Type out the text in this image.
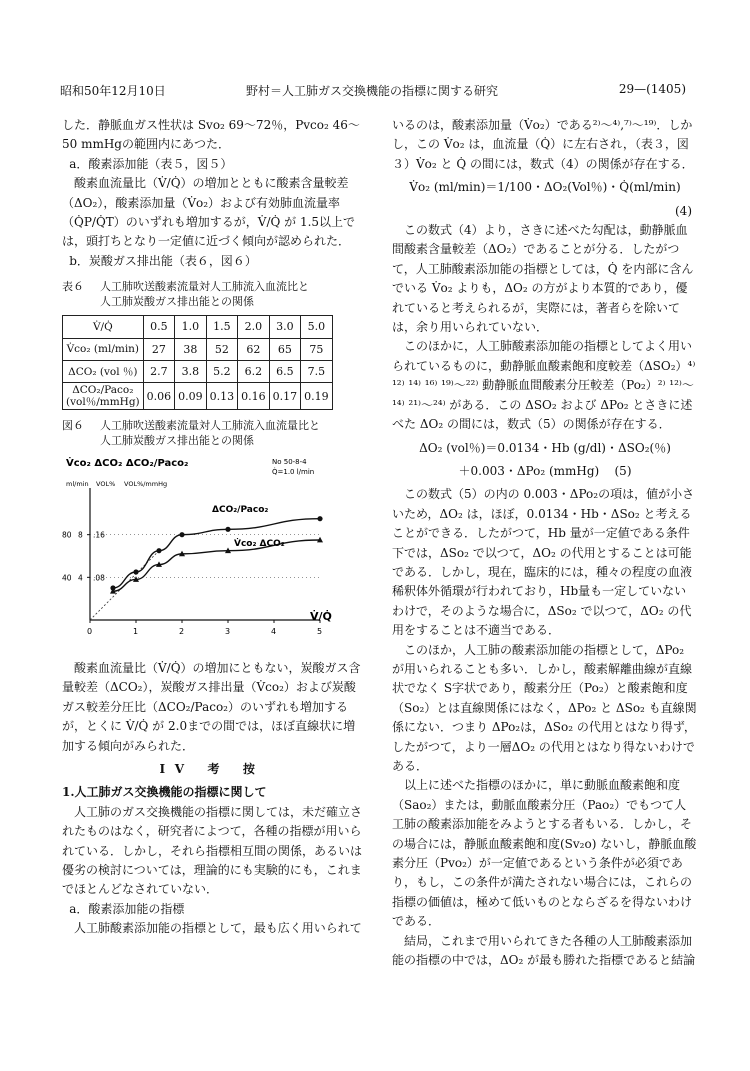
昭和50年12月10日	野村＝人工肺ガス交換機能の指標に関する研究	29—(1405)

した．静脈血ガス性状は Svo₂ 69〜72％，Pvco₂ 46〜50 mmHgの範囲内にあつた．

a．酸素添加能（表５，図５）

酸素血流量比（V̇/Q̇）の増加とともに酸素含量較差（ΔO₂），酸素添加量（V̇o₂）および有効肺血流量率（Q̇P/Q̇T）のいずれも増加するが，V̇/Q̇ が 1.5以上では，頭打ちとなり一定値に近づく傾向が認められた．

b．炭酸ガス排出能（表６，図６）

表６ 人工肺吹送酸素流量対人工肺流入血流比と
人工肺炭酸ガス排出能との関係
V̇/Q̇	0.5	1.0	1.5	2.0	3.0	5.0
V̇co₂ (ml/min)	27	38	52	62	65	75
ΔCO₂ (vol ％)	2.7	3.8	5.2	6.2	6.5	7.5
ΔCO₂/Paco₂ (vol％/mmHg)	0.06	0.09	0.13	0.16	0.17	0.19
図６ 人工肺吹送酸素流量対人工肺流入血流量比と
人工肺炭酸ガス排出能との関係
V̇co₂ ΔCO₂ ΔCO₂/Paco₂
ml/min VOL% VOL%/mmHg
No 50-8-4
Q̇=1.0 l/min
0	1	2	3	4	5
40 4 .08
80 8 .16
V̇/Q̇
ΔCO₂/Paco₂
V̇co₂ ΔCO₂

酸素血流量比（V̇/Q̇）の増加にともない，炭酸ガス含量較差（ΔCO₂），炭酸ガス排出量（V̇co₂）および炭酸ガス較差分圧比（ΔCO₂/Paco₂）のいずれも増加するが，とくに V̇/Q̇ が 2.0までの間では，ほぼ直線状に増加する傾向がみられた．

IV 考 按

1.人工肺ガス交換機能の指標に関して

人工肺のガス交換機能の指標に関しては，未だ確立されたものはなく，研究者によつて，各種の指標が用いられている．しかし，それら指標相互間の関係，あるいは優劣の検討については，理論的にも実験的にも，これまでほとんどなされていない．

a．酸素添加能の指標

人工肺酸素添加能の指標として，最も広く用いられて

いるのは，酸素添加量（V̇o₂）である²⁾〜⁴⁾,⁷⁾〜¹⁹⁾．しかし，この V̇o₂ は，血流量（Q̇）に左右され，（表３，図３）V̇o₂ と Q̇ の間には，数式（4）の関係が存在する．

V̇o₂ (ml/min)＝1/100・ΔO₂(Vol％)・Q̇(ml/min)

(4)

この数式（4）より，さきに述べた勾配は，動静脈血間酸素含量較差（ΔO₂）であることが分る．したがつて，人工肺酸素添加能の指標としては，Q̇ を内部に含んでいる V̇o₂ よりも，ΔO₂ の方がより本質的であり，優れていると考えられるが，実際には，著者らを除いては，余り用いられていない．

このほかに，人工肺酸素添加能の指標としてよく用いられているものに，動静脈血酸素飽和度較差（ΔSO₂）⁴⁾ ¹²⁾ ¹⁴⁾ ¹⁶⁾ ¹⁹⁾〜²²⁾ 動静脈血間酸素分圧較差（Po₂）²⁾ ¹²⁾〜¹⁴⁾ ²¹⁾〜²⁴⁾ がある．この ΔSO₂ および ΔPo₂ とさきに述べた ΔO₂ の間には，数式（5）の関係が存在する．

ΔO₂ (vol％)＝0.0134・Hb (g/dl)・ΔSO₂(％)

＋0.003・ΔPo₂ (mmHg) (5)

この数式（5）の内の 0.003・ΔPo₂の項は，値が小さいため，ΔO₂ は，ほぼ，0.0134・Hb・ΔSo₂ と考えることができる．したがつて，Hb 量が一定値である条件下では，ΔSo₂ で以つて，ΔO₂ の代用とすることは可能である．しかし，現在，臨床的には，種々の程度の血液稀釈体外循環が行われており，Hb量も一定していないわけで，そのような場合に，ΔSo₂ で以つて，ΔO₂ の代用をすることは不適当である．

このほか，人工肺の酸素添加能の指標として，ΔPo₂ が用いられることも多い．しかし，酸素解離曲線が直線状でなく S字状であり，酸素分圧（Po₂）と酸素飽和度（So₂）とは直線関係にはなく，ΔPo₂ と ΔSo₂ も直線関係にない．つまり ΔPo₂は，ΔSo₂ の代用とはなり得ず，したがつて，より一層ΔO₂ の代用とはなり得ないわけである．

以上に述べた指標のほかに，単に動脈血酸素飽和度（Sao₂）または，動脈血酸素分圧（Pao₂）でもつて人工肺の酸素添加能をみようとする者もいる．しかし，その場合には，静脈血酸素飽和度(Sv₂o) ないし，静脈血酸素分圧（Pvo₂）が一定値であるという条件が必須であり，もし，この条件が満たされない場合には，これらの指標の価値は，極めて低いものとならざるを得ないわけである．

結局，これまで用いられてきた各種の人工肺酸素添加能の指標の中では，ΔO₂ が最も勝れた指標であると結論
